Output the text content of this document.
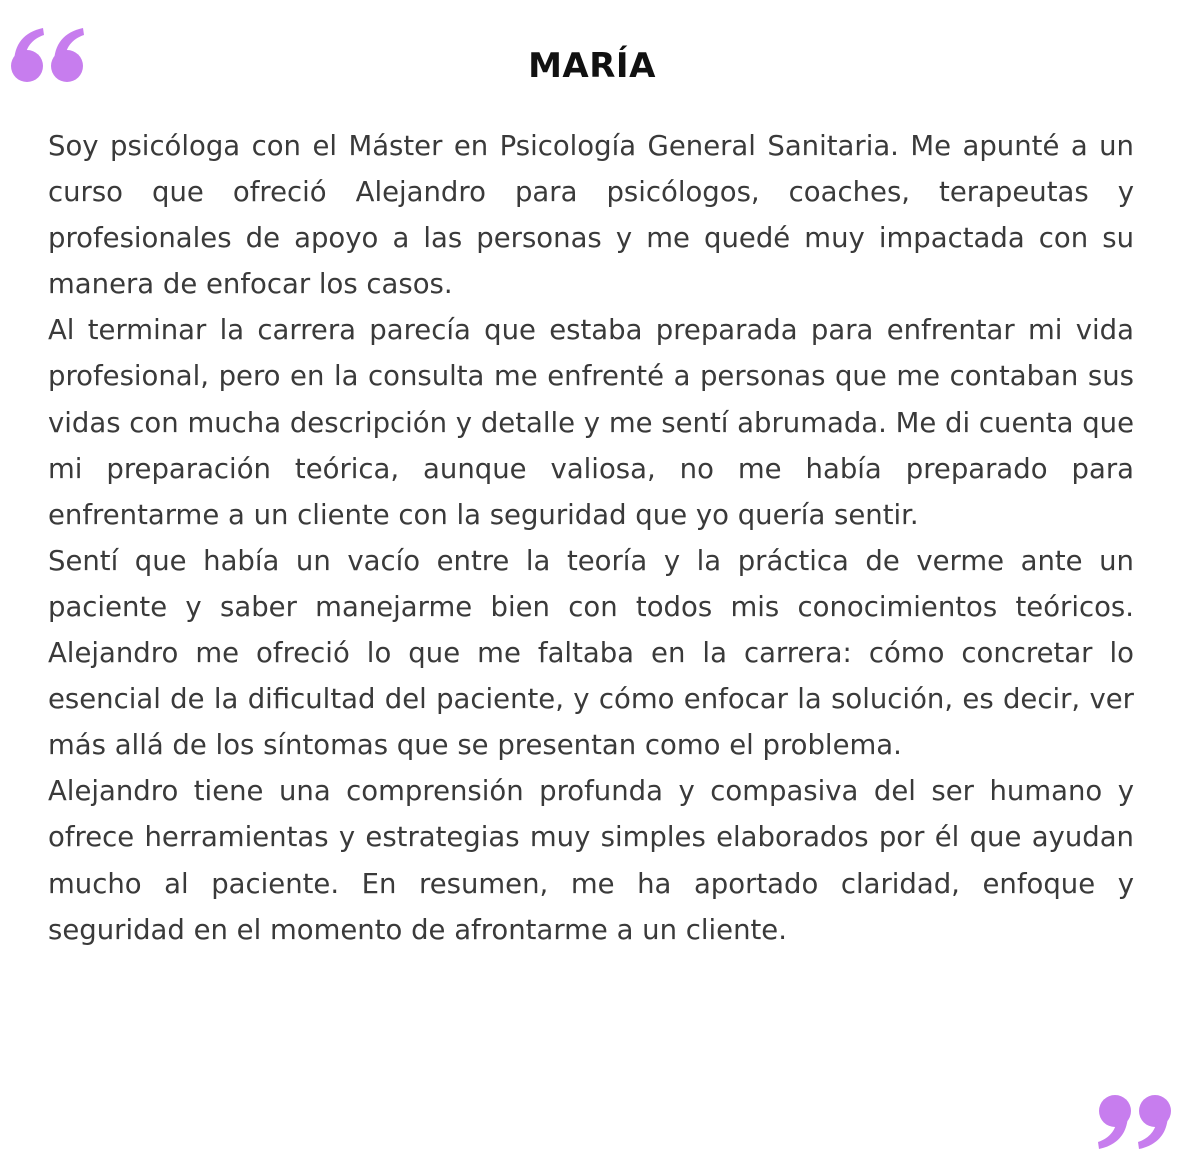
MARÍA

Soy psicóloga con el Máster en Psicología General Sanitaria. Me apunté a un curso que ofreció Alejandro para psicólogos, coaches, terapeutas y profesionales de apoyo a las personas y me quedé muy impactada con su manera de enfocar los casos.

Al terminar la carrera parecía que estaba preparada para enfrentar mi vida profesional, pero en la consulta me enfrenté a personas que me contaban sus vidas con mucha descripción y detalle y me sentí abrumada. Me di cuenta que mi preparación teórica, aunque valiosa, no me había preparado para enfrentarme a un cliente con la seguridad que yo quería sentir.

Sentí que había un vacío entre la teoría y la práctica de verme ante un paciente y saber manejarme bien con todos mis conocimientos teóricos. Alejandro me ofreció lo que me faltaba en la carrera: cómo concretar lo esencial de la dificultad del paciente, y cómo enfocar la solución, es decir, ver más allá de los síntomas que se presentan como el problema.

Alejandro tiene una comprensión profunda y compasiva del ser humano y ofrece herramientas y estrategias muy simples elaborados por él que ayudan mucho al paciente. En resumen, me ha aportado claridad, enfoque y seguridad en el momento de afrontarme a un cliente.
